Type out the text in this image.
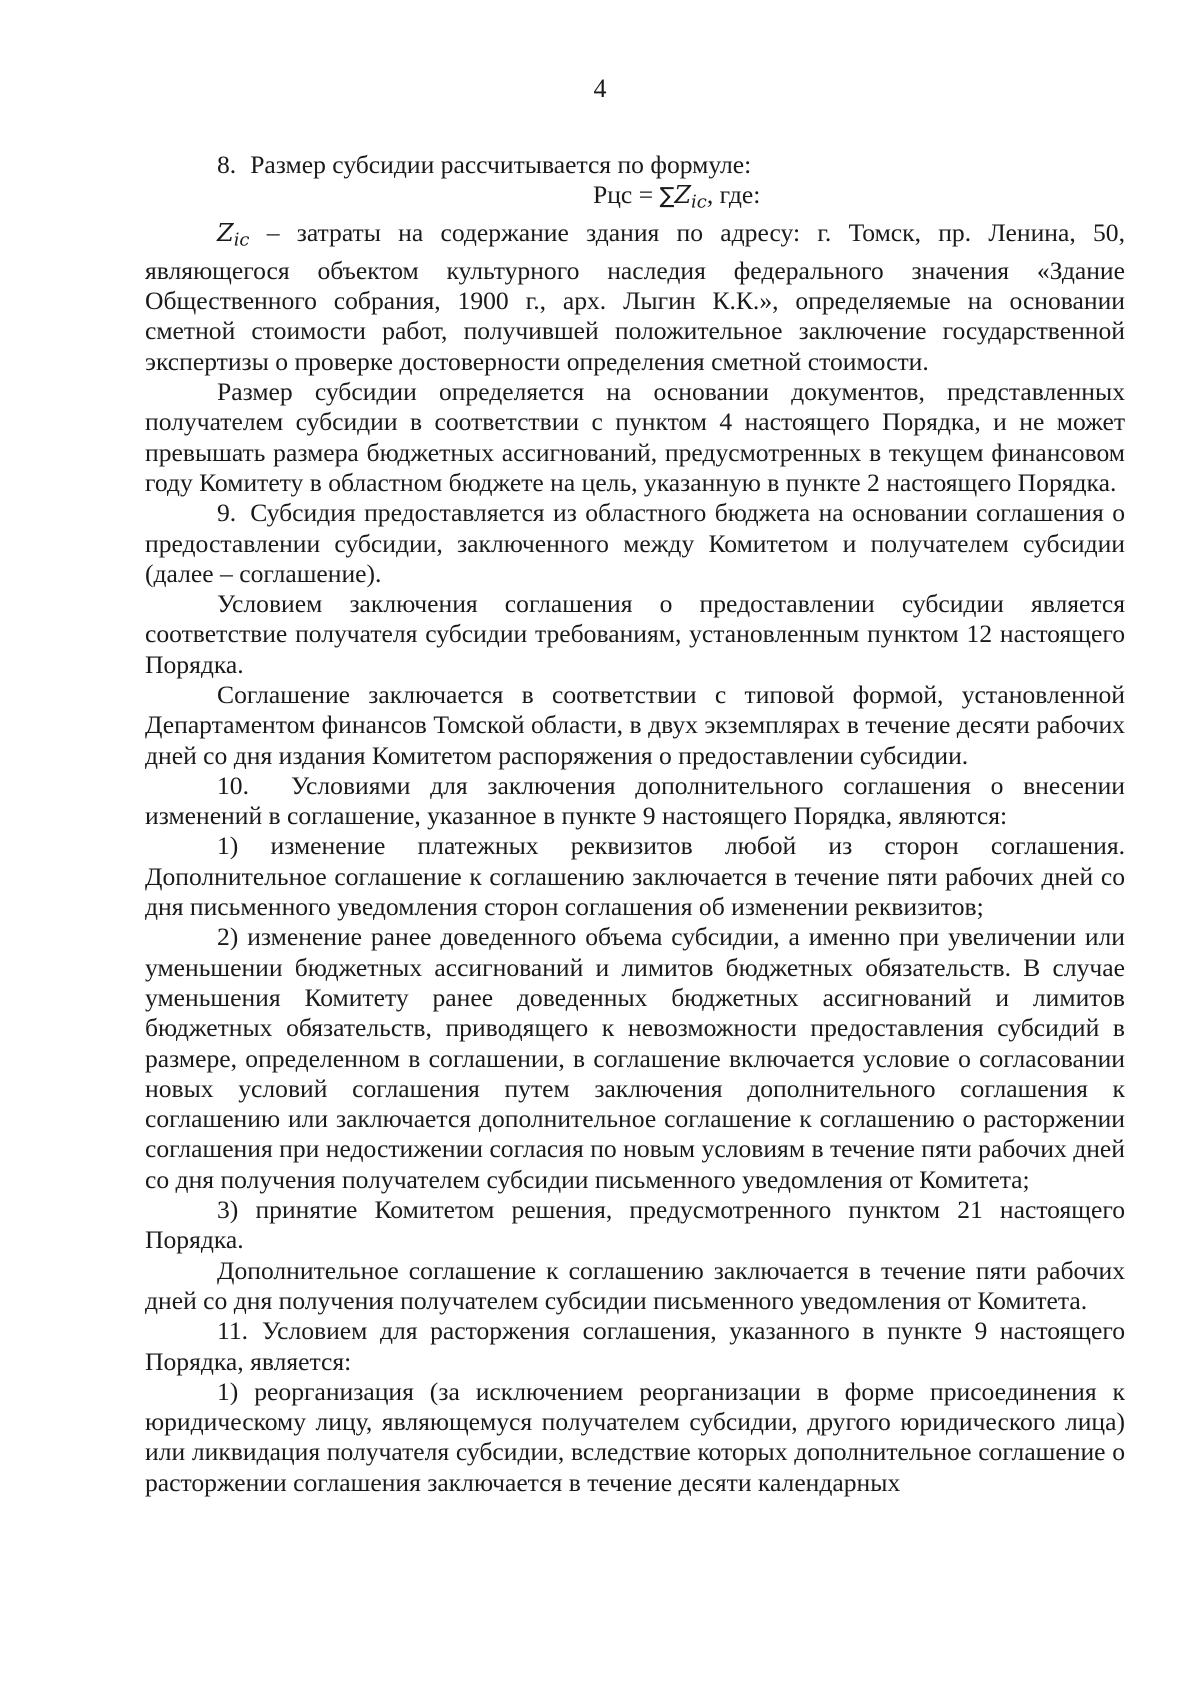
4

8. Размер субсидии рассчитывается по формуле:

Рцс = $\sum Z_{ic}$, где:

$Z_{ic}$ – затраты на содержание здания по адресу: г. Томск, пр. Ленина, 50, являющегося объектом культурного наследия федерального значения «Здание Общественного собрания, 1900 г., арх. Лыгин К.К.», определяемые на основании сметной стоимости работ, получившей положительное заключение государственной экспертизы о проверке достоверности определения сметной стоимости.

Размер субсидии определяется на основании документов, представленных получателем субсидии в соответствии с пунктом 4 настоящего Порядка, и не может превышать размера бюджетных ассигнований, предусмотренных в текущем финансовом году Комитету в областном бюджете на цель, указанную в пункте 2 настоящего Порядка.

9. Субсидия предоставляется из областного бюджета на основании соглашения о предоставлении субсидии, заключенного между Комитетом и получателем субсидии (далее – соглашение).

Условием заключения соглашения о предоставлении субсидии является соответствие получателя субсидии требованиям, установленным пунктом 12 настоящего Порядка.

Соглашение заключается в соответствии с типовой формой, установленной Департаментом финансов Томской области, в двух экземплярах в течение десяти рабочих дней со дня издания Комитетом распоряжения о предоставлении субсидии.

10. Условиями для заключения дополнительного соглашения о внесении изменений в соглашение, указанное в пункте 9 настоящего Порядка, являются:

1) изменение платежных реквизитов любой из сторон соглашения. Дополнительное соглашение к соглашению заключается в течение пяти рабочих дней со дня письменного уведомления сторон соглашения об изменении реквизитов;

2) изменение ранее доведенного объема субсидии, а именно при увеличении или уменьшении бюджетных ассигнований и лимитов бюджетных обязательств. В случае уменьшения Комитету ранее доведенных бюджетных ассигнований и лимитов бюджетных обязательств, приводящего к невозможности предоставления субсидий в размере, определенном в соглашении, в соглашение включается условие о согласовании новых условий соглашения путем заключения дополнительного соглашения к соглашению или заключается дополнительное соглашение к соглашению о расторжении соглашения при недостижении согласия по новым условиям в течение пяти рабочих дней со дня получения получателем субсидии письменного уведомления от Комитета;

3) принятие Комитетом решения, предусмотренного пунктом 21 настоящего Порядка.

Дополнительное соглашение к соглашению заключается в течение пяти рабочих дней со дня получения получателем субсидии письменного уведомления от Комитета.

11. Условием для расторжения соглашения, указанного в пункте 9 настоящего Порядка, является:

1) реорганизация (за исключением реорганизации в форме присоединения к юридическому лицу, являющемуся получателем субсидии, другого юридического лица) или ликвидация получателя субсидии, вследствие которых дополнительное соглашение о расторжении соглашения заключается в течение десяти календарных
